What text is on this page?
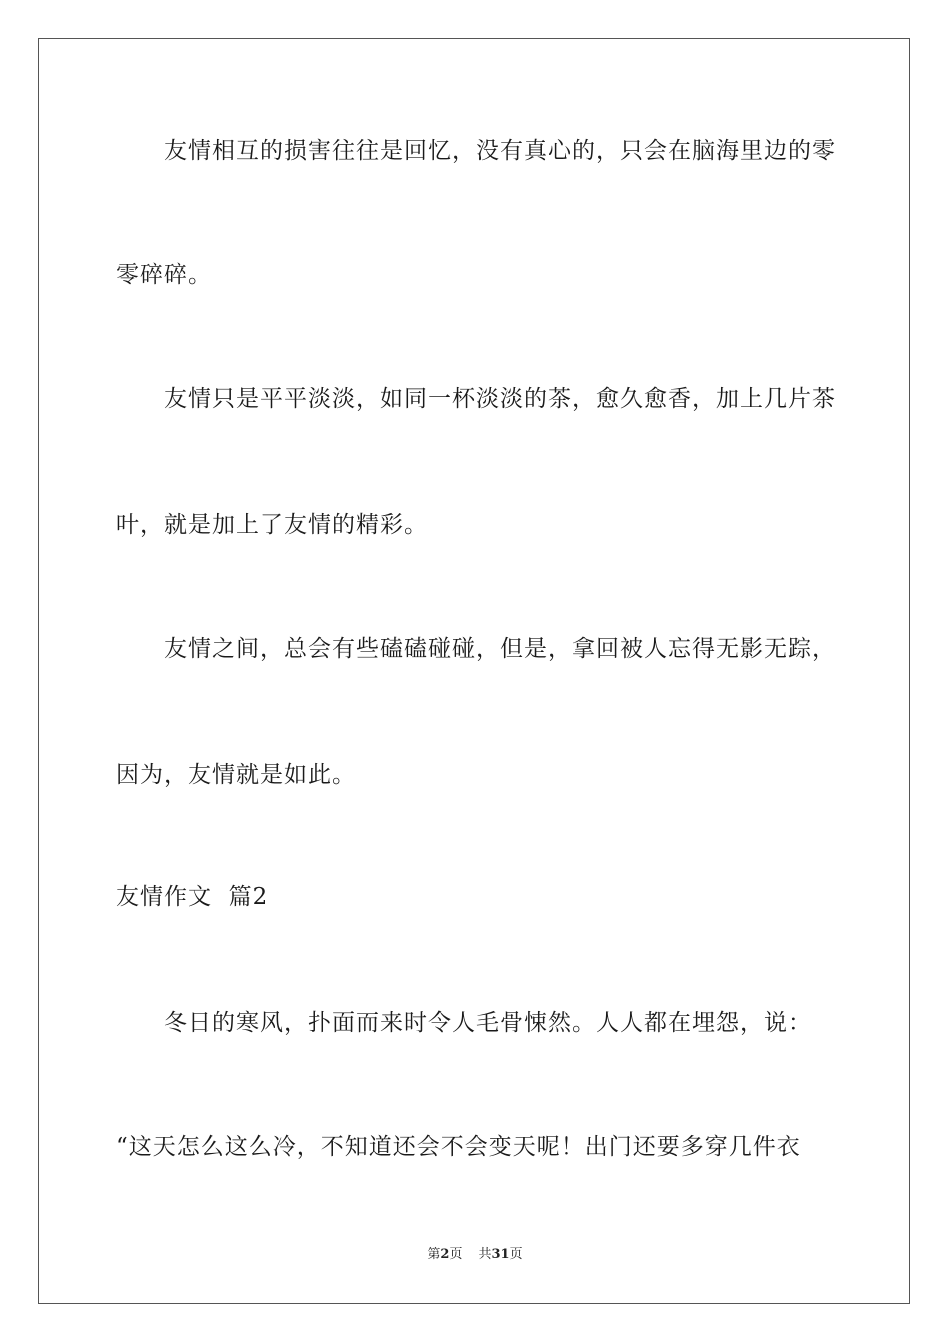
友情相互的损害往往是回忆，没有真心的，只会在脑海里边的零
零碎碎。
友情只是平平淡淡，如同一杯淡淡的茶，愈久愈香，加上几片茶
叶，就是加上了友情的精彩。
友情之间，总会有些磕磕碰碰，但是，拿回被人忘得无影无踪，
因为，友情就是如此。
友情作文  篇2
冬日的寒风，扑面而来时令人毛骨悚然。人人都在埋怨，说：
“这天怎么这么冷，不知道还会不会变天呢！出门还要多穿几件衣
第2页 共31页
